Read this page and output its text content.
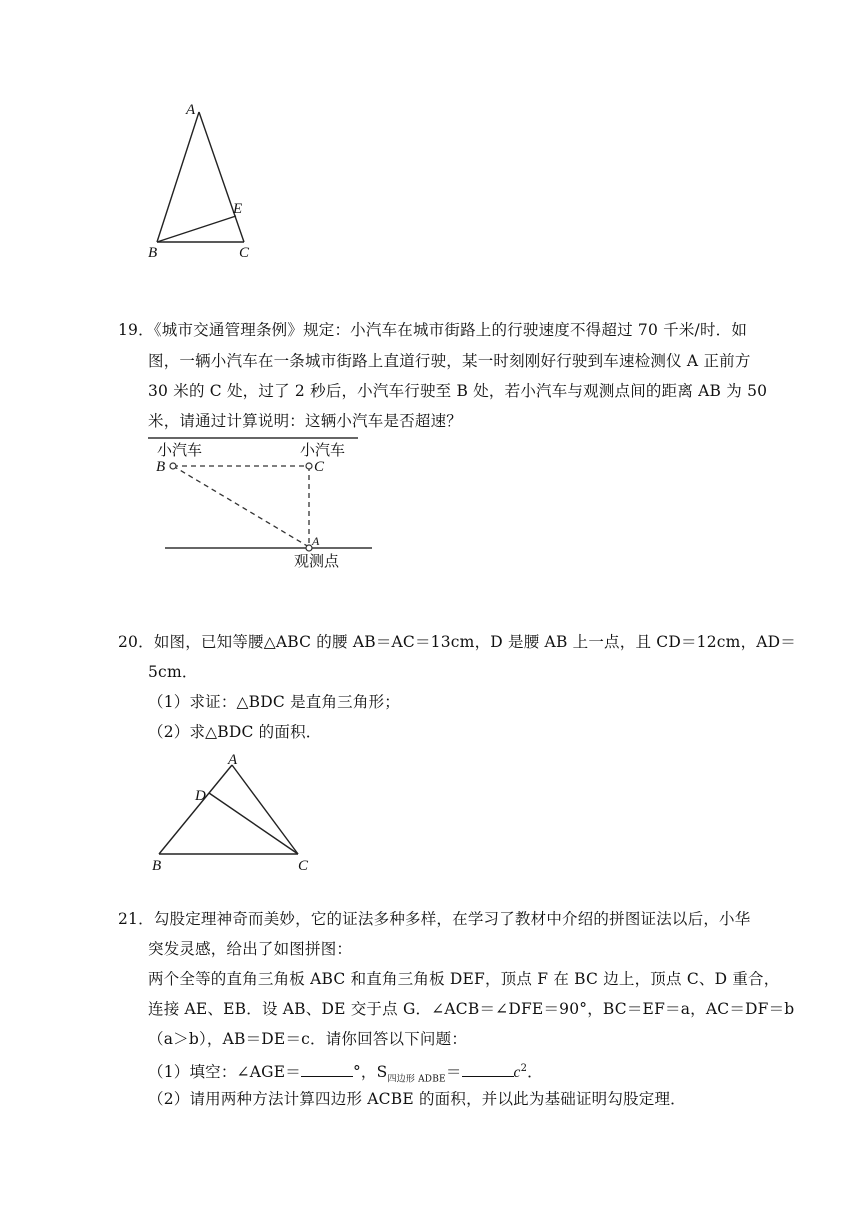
A
E
B	C
19．《城市交通管理条例》规定：小汽车在城市街路上的行驶速度不得超过 70 千米/时．如
图，一辆小汽车在一条城市街路上直道行驶，某一时刻刚好行驶到车速检测仪 A 正前方
30 米的 C 处，过了 2 秒后，小汽车行驶至 B 处，若小汽车与观测点间的距离 AB 为 50
米，请通过计算说明：这辆小汽车是否超速？
小汽车	小汽车
B	C
A
观测点
20．如图，已知等腰△ABC 的腰 AB＝AC＝13cm，D 是腰 AB 上一点，且 CD＝12cm，AD＝
5cm．
（1）求证：△BDC 是直角三角形；
（2）求△BDC 的面积．
A
D
B	C
21．勾股定理神奇而美妙，它的证法多种多样，在学习了教材中介绍的拼图证法以后，小华
突发灵感，给出了如图拼图：
两个全等的直角三角板 ABC 和直角三角板 DEF，顶点 F 在 BC 边上，顶点 C、D 重合，
连接 AE、EB．设 AB、DE 交于点 G．∠ACB＝∠DFE＝90°，BC＝EF＝a，AC＝DF＝b
（a＞b），AB＝DE＝c．请你回答以下问题：
（1）填空：∠AGE＝	°，$S_{四边形 ADBE}=$	$c^2$．
（2）请用两种方法计算四边形 ACBE 的面积，并以此为基础证明勾股定理．
